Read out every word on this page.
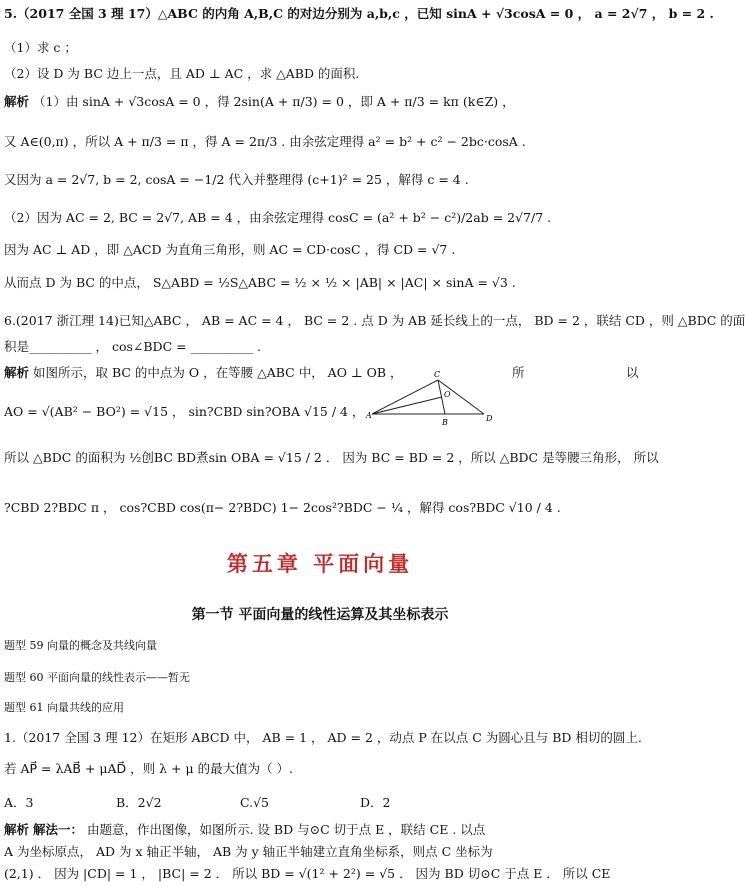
5.（2017 全国 3 理 17）△ABC 的内角 A,B,C 的对边分别为 a,b,c ，已知 sinA + √3cosA = 0 ， a = 2√7 ， b = 2 .
（1）求 c ；
（2）设 D 为 BC 边上一点，且 AD ⊥ AC ，求 △ABD 的面积.
解析 （1）由 sinA + √3cosA = 0 ，得 2sin(A + π/3) = 0 ，即 A + π/3 = kπ (k∈Z) ，
又 A∈(0,π) ，所以 A + π/3 = π ，得 A = 2π/3 . 由余弦定理得 a² = b² + c² − 2bc·cosA .
又因为 a = 2√7, b = 2, cosA = −1/2 代入并整理得 (c+1)² = 25 ，解得 c = 4 .
（2）因为 AC = 2, BC = 2√7, AB = 4 ，由余弦定理得 cosC = (a² + b² − c²)/2ab = 2√7/7 .
因为 AC ⊥ AD ，即 △ACD 为直角三角形，则 AC = CD·cosC ，得 CD = √7 .
从而点 D 为 BC 的中点， S△ABD = ½S△ABC = ½ × ½ × |AB| × |AC| × sinA = √3 .
6.(2017 浙江理 14)已知△ABC ， AB = AC = 4 ， BC = 2 . 点 D 为 AB 延长线上的一点， BD = 2 ，联结 CD ，则 △BDC 的面
积是__________ ， cos∠BDC = __________ .
解析 如图所示，取 BC 的中点为 O ，在等腰 △ABC 中， AO ⊥ OB ，	所	以
AO = √(AB² − BO²) = √15 ， sin?CBD sin?OBA √15 / 4 ， A
B
C
D
O
所以 △BDC 的面积为 ½创BC BD煮sin OBA = √15 / 2 ． 因为 BC = BD = 2 ，所以 △BDC 是等腰三角形， 所以
?CBD 2?BDC π ， cos?CBD cos(π− 2?BDC) 1− 2cos²?BDC − ¼ ，解得 cos?BDC √10 / 4 .
第五章 平面向量
第一节 平面向量的线性运算及其坐标表示
题型 59 向量的概念及共线向量
题型 60 平面向量的线性表示——暂无
题型 61 向量共线的应用
1.（2017 全国 3 理 12）在矩形 ABCD 中， AB = 1 ， AD = 2 ，动点 P 在以点 C 为圆心且与 BD 相切的圆上.
若 AP⃗ = λAB⃗ + μAD⃗ ，则 λ + μ 的最大值为（ ）.
A．3	B．2√2	C.√5	D．2
解析 解法一： 由题意，作出图像，如图所示. 设 BD 与⊙C 切于点 E ，联结 CE . 以点
A 为坐标原点， AD 为 x 轴正半轴， AB 为 y 轴正半轴建立直角坐标系，则点 C 坐标为
(2,1) ． 因为 |CD| = 1 ， |BC| = 2 ． 所以 BD = √(1² + 2²) = √5 ． 因为 BD 切⊙C 于点 E ． 所以 CE
